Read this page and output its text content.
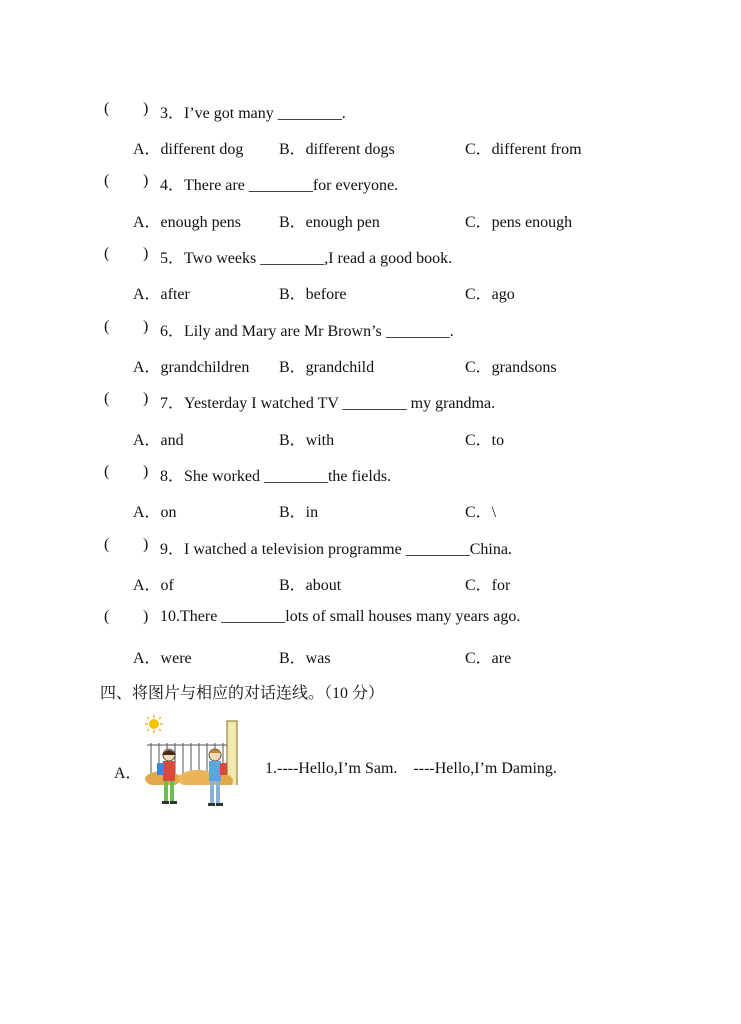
( ) 3．I’ve got many ________.
A．different dog B．different dogs	C．different from
( ) 4．There are ________for everyone.
A．enough pens B．enough pen	C．pens enough
( ) 5．Two weeks ________,I read a good book.
A．after	B．before	C．ago
( ) 6．Lily and Mary are Mr Brown’s ________.
A．grandchildren B．grandchild	C．grandsons
( ) 7．Yesterday I watched TV ________ my grandma.
A．and	B．with	C．to
( ) 8．She worked ________the fields.
A．on	B．in	C．\
( ) 9．I watched a television programme ________China.
A．of	B．about	C．for
( ) 10.There ________lots of small houses many years ago.
A．were	B．was	C．are
四、将图片与相应的对话连线。（10 分）
A．	1.----Hello,I’m Sam.    ----Hello,I’m Daming.
